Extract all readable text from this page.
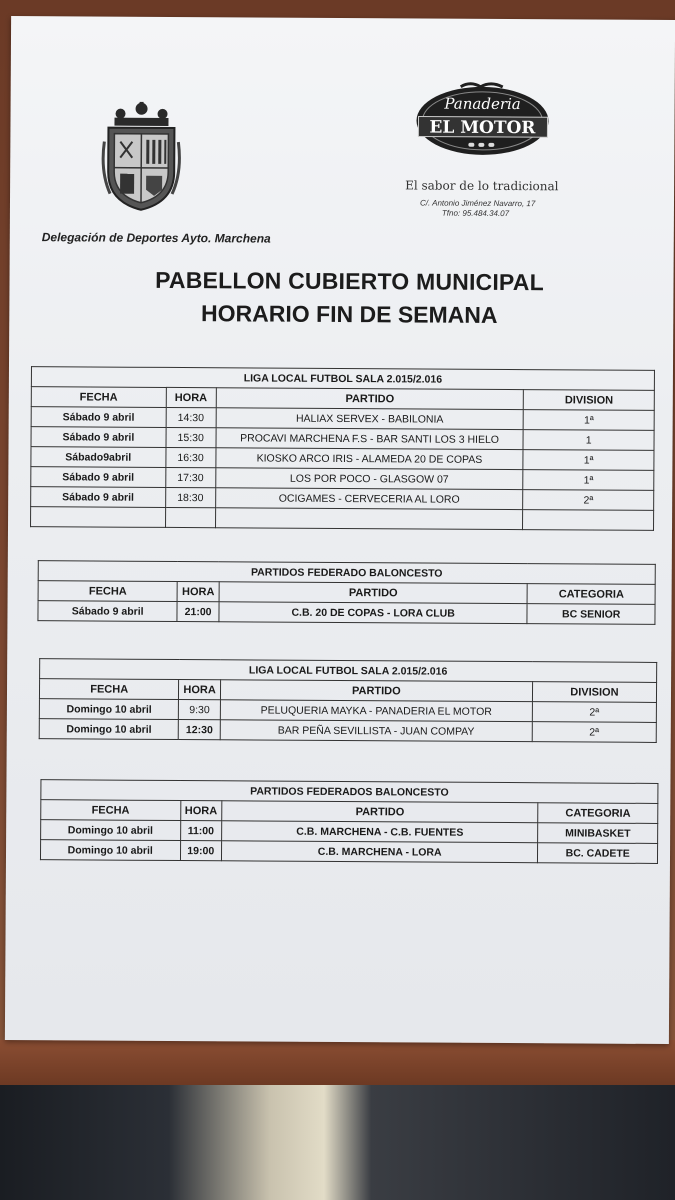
Delegación de Deportes Ayto. Marchena
Panaderia
EL MOTOR
El sabor de lo tradicional
C/. Antonio Jiménez Navarro, 17
Tfno: 95.484.34.07
PABELLON CUBIERTO MUNICIPAL
HORARIO FIN DE SEMANA
LIGA LOCAL FUTBOL SALA 2.015/2.016			
FECHA	HORA	PARTIDO	DIVISION
Sábado 9 abril	14:30	HALIAX SERVEX - BABILONIA	1ª
Sábado 9 abril	15:30	PROCAVI MARCHENA F.S - BAR SANTI LOS 3 HIELO	1
Sábado9abril	16:30	KIOSKO ARCO IRIS - ALAMEDA 20 DE COPAS	1ª
Sábado 9 abril	17:30	LOS POR POCO - GLASGOW 07	1ª
Sábado 9 abril	18:30	OCIGAMES - CERVECERIA AL LORO	2ª

PARTIDOS FEDERADO BALONCESTO			
FECHA	HORA	PARTIDO	CATEGORIA
Sábado 9 abril	21:00	C.B. 20 DE COPAS - LORA CLUB	BC SENIOR
LIGA LOCAL FUTBOL SALA 2.015/2.016			
FECHA	HORA	PARTIDO	DIVISION
Domingo 10 abril	9:30	PELUQUERIA MAYKA - PANADERIA EL MOTOR	2ª
Domingo 10 abril	12:30	BAR PEÑA SEVILLISTA - JUAN COMPAY	2ª
PARTIDOS FEDERADOS BALONCESTO			
FECHA	HORA	PARTIDO	CATEGORIA
Domingo 10 abril	11:00	C.B. MARCHENA - C.B. FUENTES	MINIBASKET
Domingo 10 abril	19:00	C.B. MARCHENA - LORA	BC. CADETE
